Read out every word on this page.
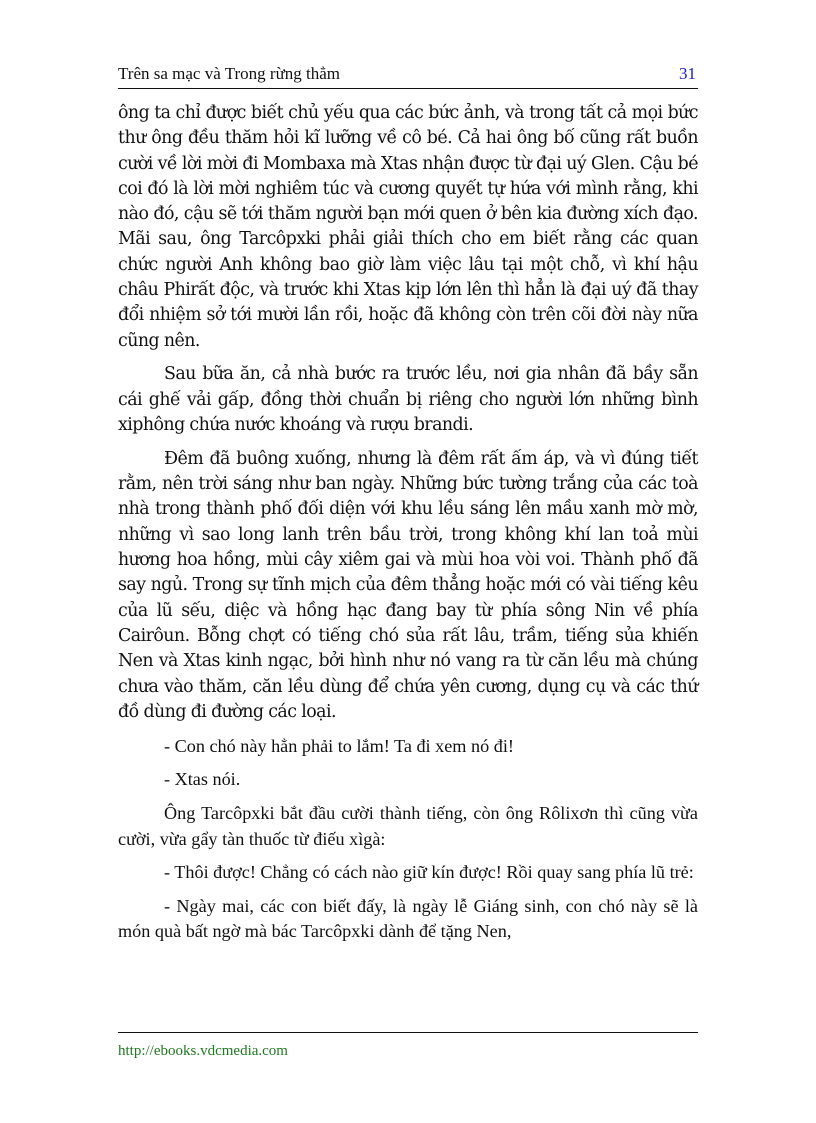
Trên sa mạc và Trong rừng thẳm	31

ông ta chỉ được biết chủ yếu qua các bức ảnh, và trong tất cả mọi bức thư ông đều thăm hỏi kĩ lưỡng về cô bé. Cả hai ông bố cũng rất buồn cười về lời mời đi Mombaxa mà Xtas nhận được từ đại uý Glen. Cậu bé coi đó là lời mời nghiêm túc và cương quyết tự hứa với mình rằng, khi nào đó, cậu sẽ tới thăm người bạn mới quen ở bên kia đường xích đạo. Mãi sau, ông Tarcôpxki phải giải thích cho em biết rằng các quan chức người Anh không bao giờ làm việc lâu tại một chỗ, vì khí hậu châu Phirất độc, và trước khi Xtas kịp lớn lên thì hẳn là đại uý đã thay đổi nhiệm sở tới mười lần rồi, hoặc đã không còn trên cõi đời này nữa cũng nên.

Sau bữa ăn, cả nhà bước ra trước lều, nơi gia nhân đã bầy sẵn cái ghế vải gấp, đồng thời chuẩn bị riêng cho người lớn những bình xiphông chứa nước khoáng và rượu brandi.

Đêm đã buông xuống, nhưng là đêm rất ấm áp, và vì đúng tiết rằm, nên trời sáng như ban ngày. Những bức tường trắng của các toà nhà trong thành phố đối diện với khu lều sáng lên mầu xanh mờ mờ, những vì sao long lanh trên bầu trời, trong không khí lan toả mùi hương hoa hồng, mùi cây xiêm gai và mùi hoa vòi voi. Thành phố đã say ngủ. Trong sự tĩnh mịch của đêm thẳng hoặc mới có vài tiếng kêu của lũ sếu, diệc và hồng hạc đang bay từ phía sông Nin về phía Cairôun. Bỗng chợt có tiếng chó sủa rất lâu, trầm, tiếng sủa khiến Nen và Xtas kinh ngạc, bởi hình như nó vang ra từ căn lều mà chúng chưa vào thăm, căn lều dùng để chứa yên cương, dụng cụ và các thứ đồ dùng đi đường các loại.

- Con chó này hẳn phải to lắm! Ta đi xem nó đi!

- Xtas nói.

Ông Tarcôpxki bắt đầu cười thành tiếng, còn ông Rôlixơn thì cũng vừa cười, vừa gẩy tàn thuốc từ điếu xìgà:

- Thôi được! Chẳng có cách nào giữ kín được! Rồi quay sang phía lũ trẻ:

- Ngày mai, các con biết đấy, là ngày lễ Giáng sinh, con chó này sẽ là món quà bất ngờ mà bác Tarcôpxki dành để tặng Nen,

http://ebooks.vdcmedia.com
